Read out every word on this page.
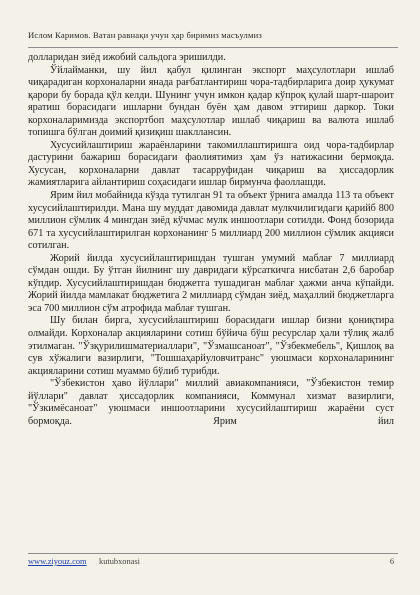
Ислом Каримов. Ватан равнақи учун ҳар биримиз масъулмиз

долларидан зиёд ижобий сальдога эришилди.

Ўйлайманки, шу йил қабул қилинган экспорт маҳсулотлари ишлаб чиқарадиган корхоналарни янада рағбатлантириш чора-тадбирларига доир ҳукумат қарори бу борада қўл келди. Шунинг учун имкон қадар кўпроқ қулай шарт-шароит яратиш борасидаги ишларни бундан буён ҳам давом эттириш даркор. Токи корхоналаримизда экспортбоп маҳсулотлар ишлаб чиқариш ва валюта ишлаб топишга бўлган доимий қизиқиш шаклланcин.

Хусусийлаштириш жараёнларини такомиллаштиришга оид чора-тадбирлар дастурини бажариш борасидаги фаолиятимиз ҳам ўз натижасини бермоқда. Хусусан, корхоналарни давлат тасарруфидан чиқариш ва ҳиссадорлик жамиятларига айлантириш соҳасидаги ишлар бирмунча фаоллашди.

Ярим йил мобайнида кўзда тутилган 91 та объект ўрнига амалда 113 та объект хусусийлаштирилди. Мана шу муддат давомида давлат мулкчилигидаги қарийб 800 миллион сўмлик 4 мингдан зиёд кўчмас мулк иншоотлари сотилди. Фонд бозорида 671 та хусусийлаштирилган корхонанинг 5 миллиард 200 миллион сўмлик акцияси сотилган.

Жорий йилда хусусийлаштиришдан тушган умумий маблағ 7 миллиард сўмдан ошди. Бу ўтган йилнинг шу давридаги кўрсаткичга нисбатан 2,6 баробар кўпдир. Хусусийлаштиришдан бюджетга тушадиган маблағ ҳажми анча кўпайди. Жорий йилда мамлакат бюджетига 2 миллиард сўмдан зиёд, маҳаллий бюджетларга эса 700 миллион сўм атрофида маблағ тушган.

Шу билан бирга, хусусийлаштириш борасидаги ишлар бизни қониқтира олмайди. Корхоналар акцияларини сотиш бўйича бўш ресурслар ҳали тўлиқ жалб этилмаган. "Ўзқурилишматериаллари", "Ўзмашсаноат", "Ўзбекмебель", Қишлоқ ва сув хўжалиги вазирлиги, "Тошшаҳарйуловчитранс" уюшмаси корхоналарининг акцияларини сотиш муаммо бўлиб турибди.

"Ўзбекистон ҳаво йўллари" миллий авиакомпанияси, "Ўзбекистон темир йўллари" давлат ҳиссадорлик компанияси, Коммунал хизмат вазирлиги, "Ўзкимёсаноат" уюшмаси иншоотларини хусусийлаштириш жараёни суст бормоқда. Ярим йил

www.ziyouz.com kutubxonasi	6
